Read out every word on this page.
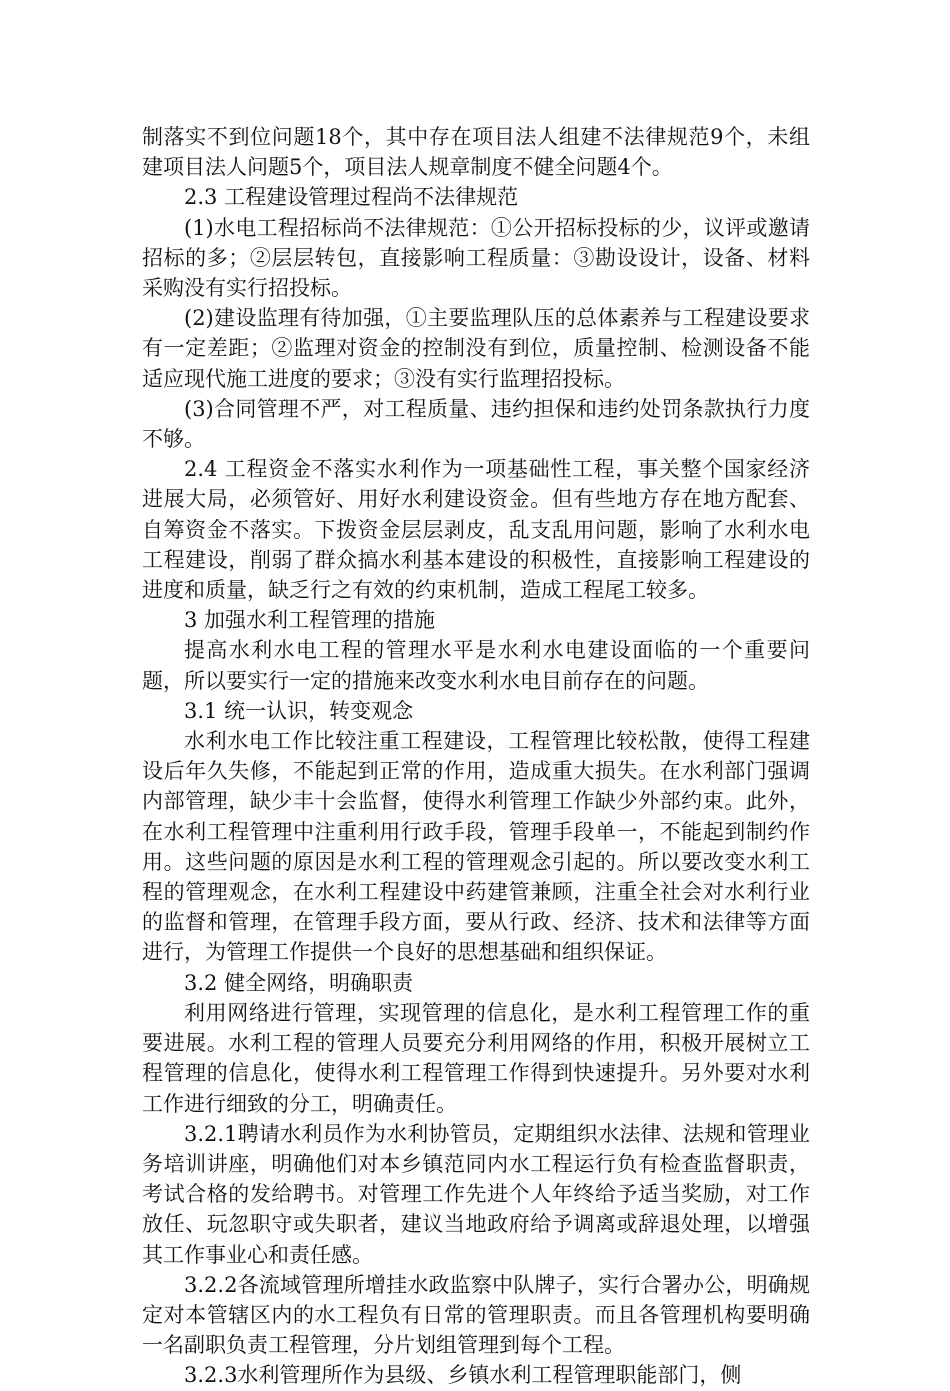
制落实不到位问题18个，其中存在项目法人组建不法律规范9个，未组建项目法人问题5个，项目法人规章制度不健全问题4个。

2.3 工程建设管理过程尚不法律规范

(1)水电工程招标尚不法律规范：①公开招标投标的少，议评或邀请招标的多；②层层转包，直接影响工程质量：③勘设设计，设备、材料采购没有实行招投标。

(2)建设监理有待加强，①主要监理队压的总体素养与工程建设要求有一定差距；②监理对资金的控制没有到位，质量控制、检测设备不能适应现代施工进度的要求；③没有实行监理招投标。

(3)合同管理不严，对工程质量、违约担保和违约处罚条款执行力度不够。

2.4 工程资金不落实水利作为一项基础性工程，事关整个国家经济进展大局，必须管好、用好水利建设资金。但有些地方存在地方配套、自筹资金不落实。下拨资金层层剥皮，乱支乱用问题，影响了水利水电工程建设，削弱了群众搞水利基本建设的积极性，直接影响工程建设的进度和质量，缺乏行之有效的约束机制，造成工程尾工较多。

3 加强水利工程管理的措施

提高水利水电工程的管理水平是水利水电建设面临的一个重要问题，所以要实行一定的措施来改变水利水电目前存在的问题。

3.1 统一认识，转变观念

水利水电工作比较注重工程建设，工程管理比较松散，使得工程建设后年久失修，不能起到正常的作用，造成重大损失。在水利部门强调内部管理，缺少丰十会监督，使得水利管理工作缺少外部约束。此外，在水利工程管理中注重利用行政手段，管理手段单一，不能起到制约作用。这些问题的原因是水利工程的管理观念引起的。所以要改变水利工程的管理观念，在水利工程建设中药建管兼顾，注重全社会对水利行业的监督和管理，在管理手段方面，要从行政、经济、技术和法律等方面进行，为管理工作提供一个良好的思想基础和组织保证。

3.2 健全网络，明确职责

利用网络进行管理，实现管理的信息化，是水利工程管理工作的重要进展。水利工程的管理人员要充分利用网络的作用，积极开展树立工程管理的信息化，使得水利工程管理工作得到快速提升。另外要对水利工作进行细致的分工，明确责任。

3.2.1聘请水利员作为水利协管员，定期组织水法律、法规和管理业务培训讲座，明确他们对本乡镇范同内水工程运行负有检查监督职责，考试合格的发给聘书。对管理工作先进个人年终给予适当奖励，对工作放任、玩忽职守或失职者，建议当地政府给予调离或辞退处理，以增强其工作事业心和责任感。

3.2.2各流域管理所增挂水政监察中队牌子，实行合署办公，明确规定对本管辖区内的水工程负有日常的管理职责。而且各管理机构要明确一名副职负责工程管理，分片划组管理到每个工程。

3.2.3水利管理所作为县级、乡镇水利工程管理职能部门，侧
